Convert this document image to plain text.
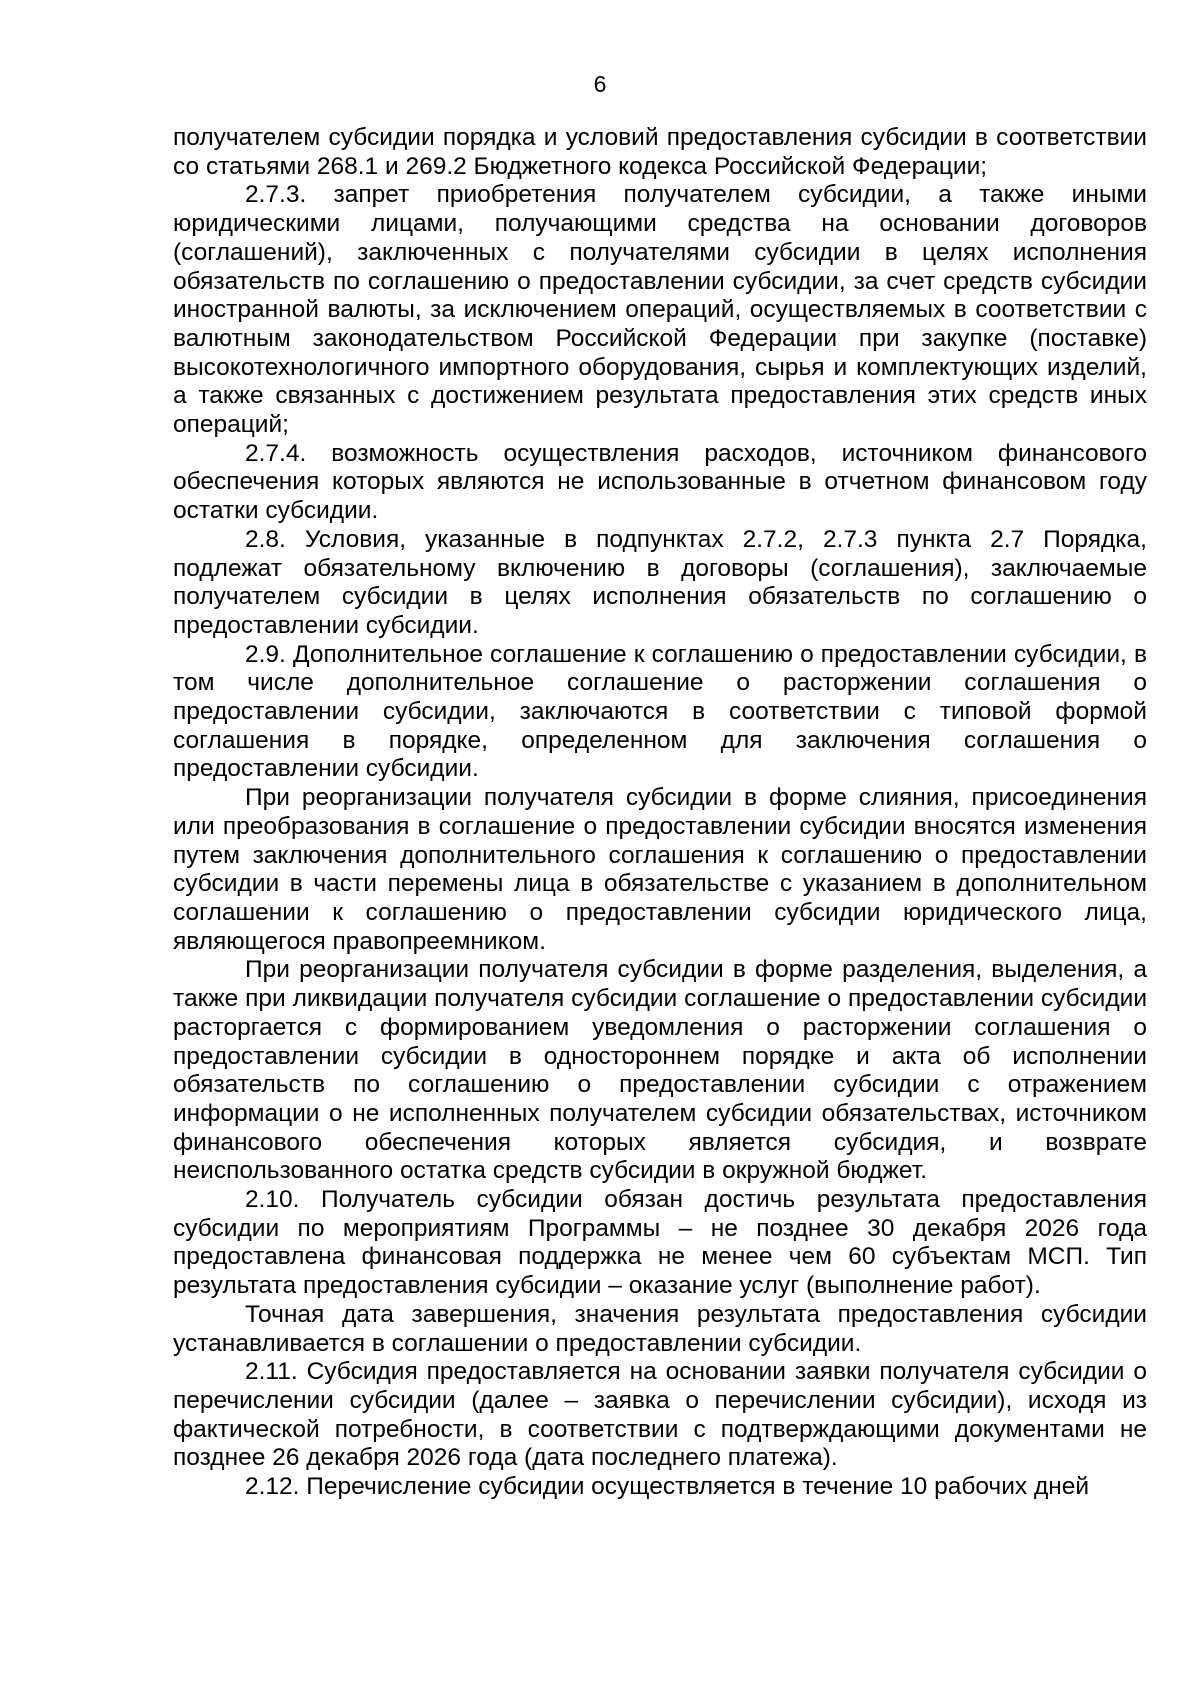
6

получателем субсидии порядка и условий предоставления субсидии в соответствии со статьями 268.1 и 269.2 Бюджетного кодекса Российской Федерации;

2.7.3. запрет приобретения получателем субсидии, а также иными юридическими лицами, получающими средства на основании договоров (соглашений), заключенных с получателями субсидии в целях исполнения обязательств по соглашению о предоставлении субсидии, за счет средств субсидии иностранной валюты, за исключением операций, осуществляемых в соответствии с валютным законодательством Российской Федерации при закупке (поставке) высокотехнологичного импортного оборудования, сырья и комплектующих изделий, а также связанных с достижением результата предоставления этих средств иных операций;

2.7.4. возможность осуществления расходов, источником финансового обеспечения которых являются не использованные в отчетном финансовом году остатки субсидии.

2.8. Условия, указанные в подпунктах 2.7.2, 2.7.3 пункта 2.7 Порядка, подлежат обязательному включению в договоры (соглашения), заключаемые получателем субсидии в целях исполнения обязательств по соглашению о предоставлении субсидии.

2.9. Дополнительное соглашение к соглашению о предоставлении субсидии, в том числе дополнительное соглашение о расторжении соглашения о предоставлении субсидии, заключаются в соответствии с типовой формой соглашения в порядке, определенном для заключения соглашения о предоставлении субсидии.

При реорганизации получателя субсидии в форме слияния, присоединения или преобразования в соглашение о предоставлении субсидии вносятся изменения путем заключения дополнительного соглашения к соглашению о предоставлении субсидии в части перемены лица в обязательстве с указанием в дополнительном соглашении к соглашению о предоставлении субсидии юридического лица, являющегося правопреемником.

При реорганизации получателя субсидии в форме разделения, выделения, а также при ликвидации получателя субсидии соглашение о предоставлении субсидии расторгается с формированием уведомления о расторжении соглашения о предоставлении субсидии в одностороннем порядке и акта об исполнении обязательств по соглашению о предоставлении субсидии с отражением информации о не исполненных получателем субсидии обязательствах, источником финансового обеспечения которых является субсидия, и возврате неиспользованного остатка средств субсидии в окружной бюджет.

2.10. Получатель субсидии обязан достичь результата предоставления субсидии по мероприятиям Программы – не позднее 30 декабря 2026 года предоставлена финансовая поддержка не менее чем 60 субъектам МСП. Тип результата предоставления субсидии – оказание услуг (выполнение работ).

Точная дата завершения, значения результата предоставления субсидии устанавливается в соглашении о предоставлении субсидии.

2.11. Субсидия предоставляется на основании заявки получателя субсидии о перечислении субсидии (далее – заявка о перечислении субсидии), исходя из фактической потребности, в соответствии с подтверждающими документами не позднее 26 декабря 2026 года (дата последнего платежа).

2.12. Перечисление субсидии осуществляется в течение 10 рабочих дней
